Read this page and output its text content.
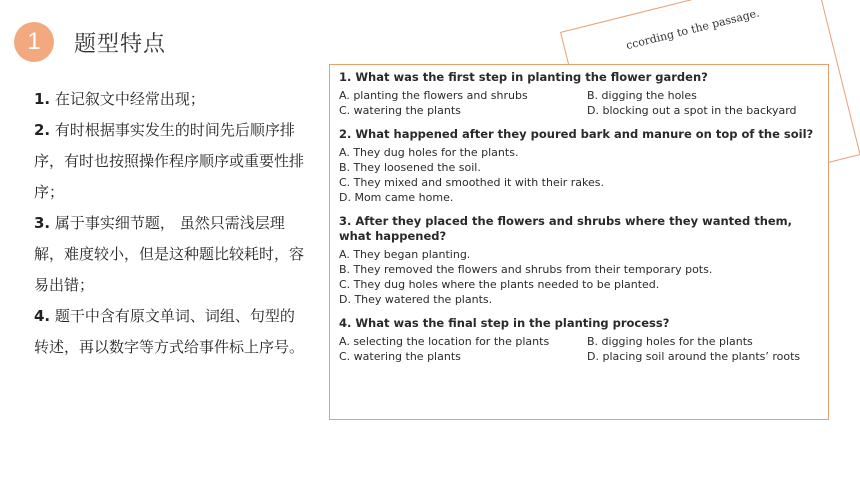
1 题型特点

1. 在记叙文中经常出现；

2. 有时根据事实发生的时间先后顺序排序，有时也按照操作程序顺序或重要性排序；

3. 属于事实细节题， 虽然只需浅层理解，难度较小，但是这种题比较耗时，容易出错；

4. 题干中含有原文单词、词组、句型的转述，再以数字等方式给事件标上序号。

ccording to the passage.
1. What was the first step in planting the flower garden?
A. planting the flowers and shrubs	B. digging the holes
C. watering the plants	D. blocking out a spot in the backyard
2. What happened after they poured bark and manure on top of the soil?
A. They dug holes for the plants.
B. They loosened the soil.
C. They mixed and smoothed it with their rakes.
D. Mom came home.
3. After they placed the flowers and shrubs where they wanted them, what happened?
A. They began planting.
B. They removed the flowers and shrubs from their temporary pots.
C. They dug holes where the plants needed to be planted.
D. They watered the plants.
4. What was the final step in the planting process?
A. selecting the location for the plants	B. digging holes for the plants
C. watering the plants	D. placing soil around the plants’ roots
